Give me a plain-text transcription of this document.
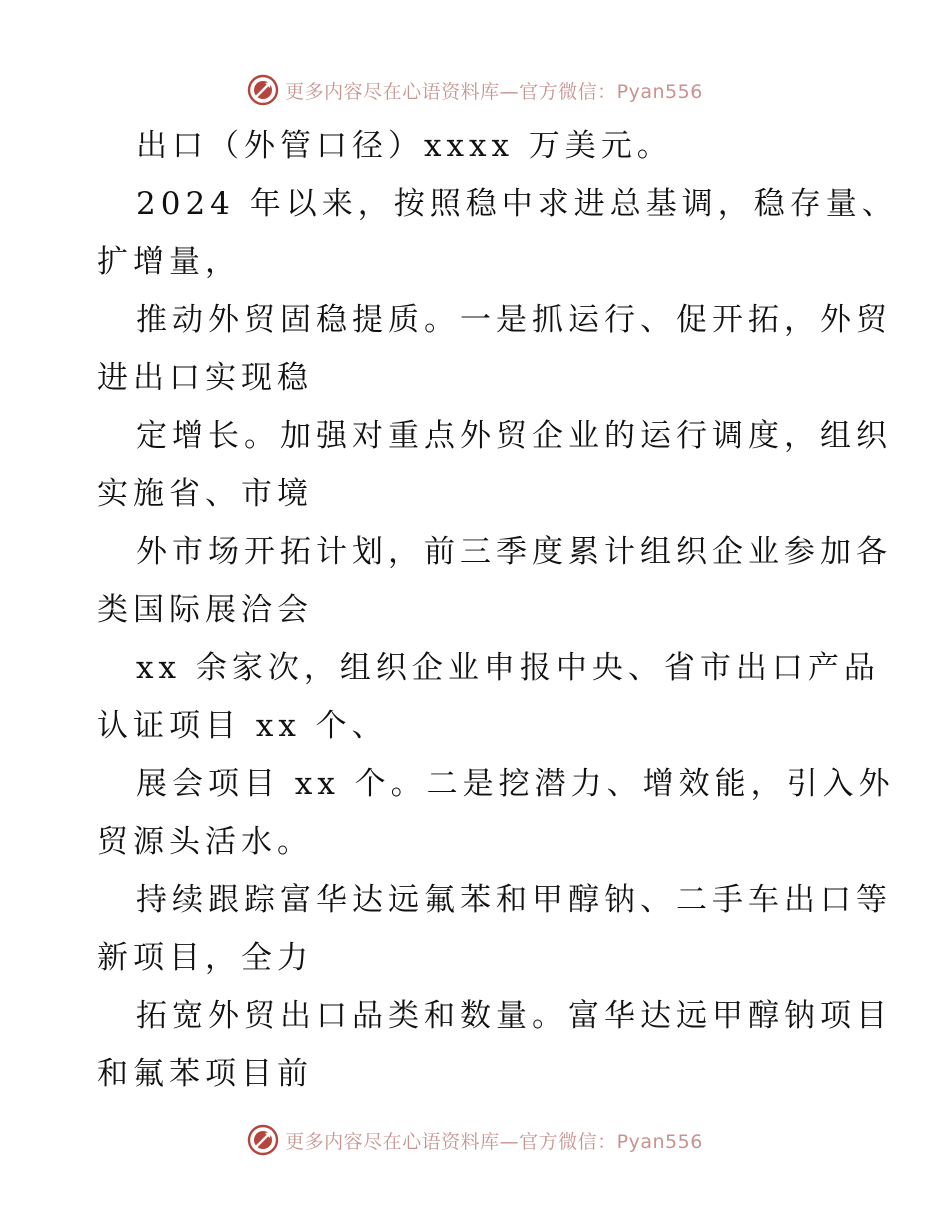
更多内容尽在心语资料库—官方微信：Pyan556
出口（外管口径）xxxx 万美元。
2024 年以来，按照稳中求进总基调，稳存量、
扩增量，
推动外贸固稳提质。一是抓运行、促开拓，外贸
进出口实现稳
定增长。加强对重点外贸企业的运行调度，组织
实施省、市境
外市场开拓计划，前三季度累计组织企业参加各
类国际展洽会
xx 余家次，组织企业申报中央、省市出口产品
认证项目 xx 个、
展会项目 xx 个。二是挖潜力、增效能，引入外
贸源头活水。
持续跟踪富华达远氟苯和甲醇钠、二手车出口等
新项目，全力
拓宽外贸出口品类和数量。富华达远甲醇钠项目
和氟苯项目前
更多内容尽在心语资料库—官方微信：Pyan556
